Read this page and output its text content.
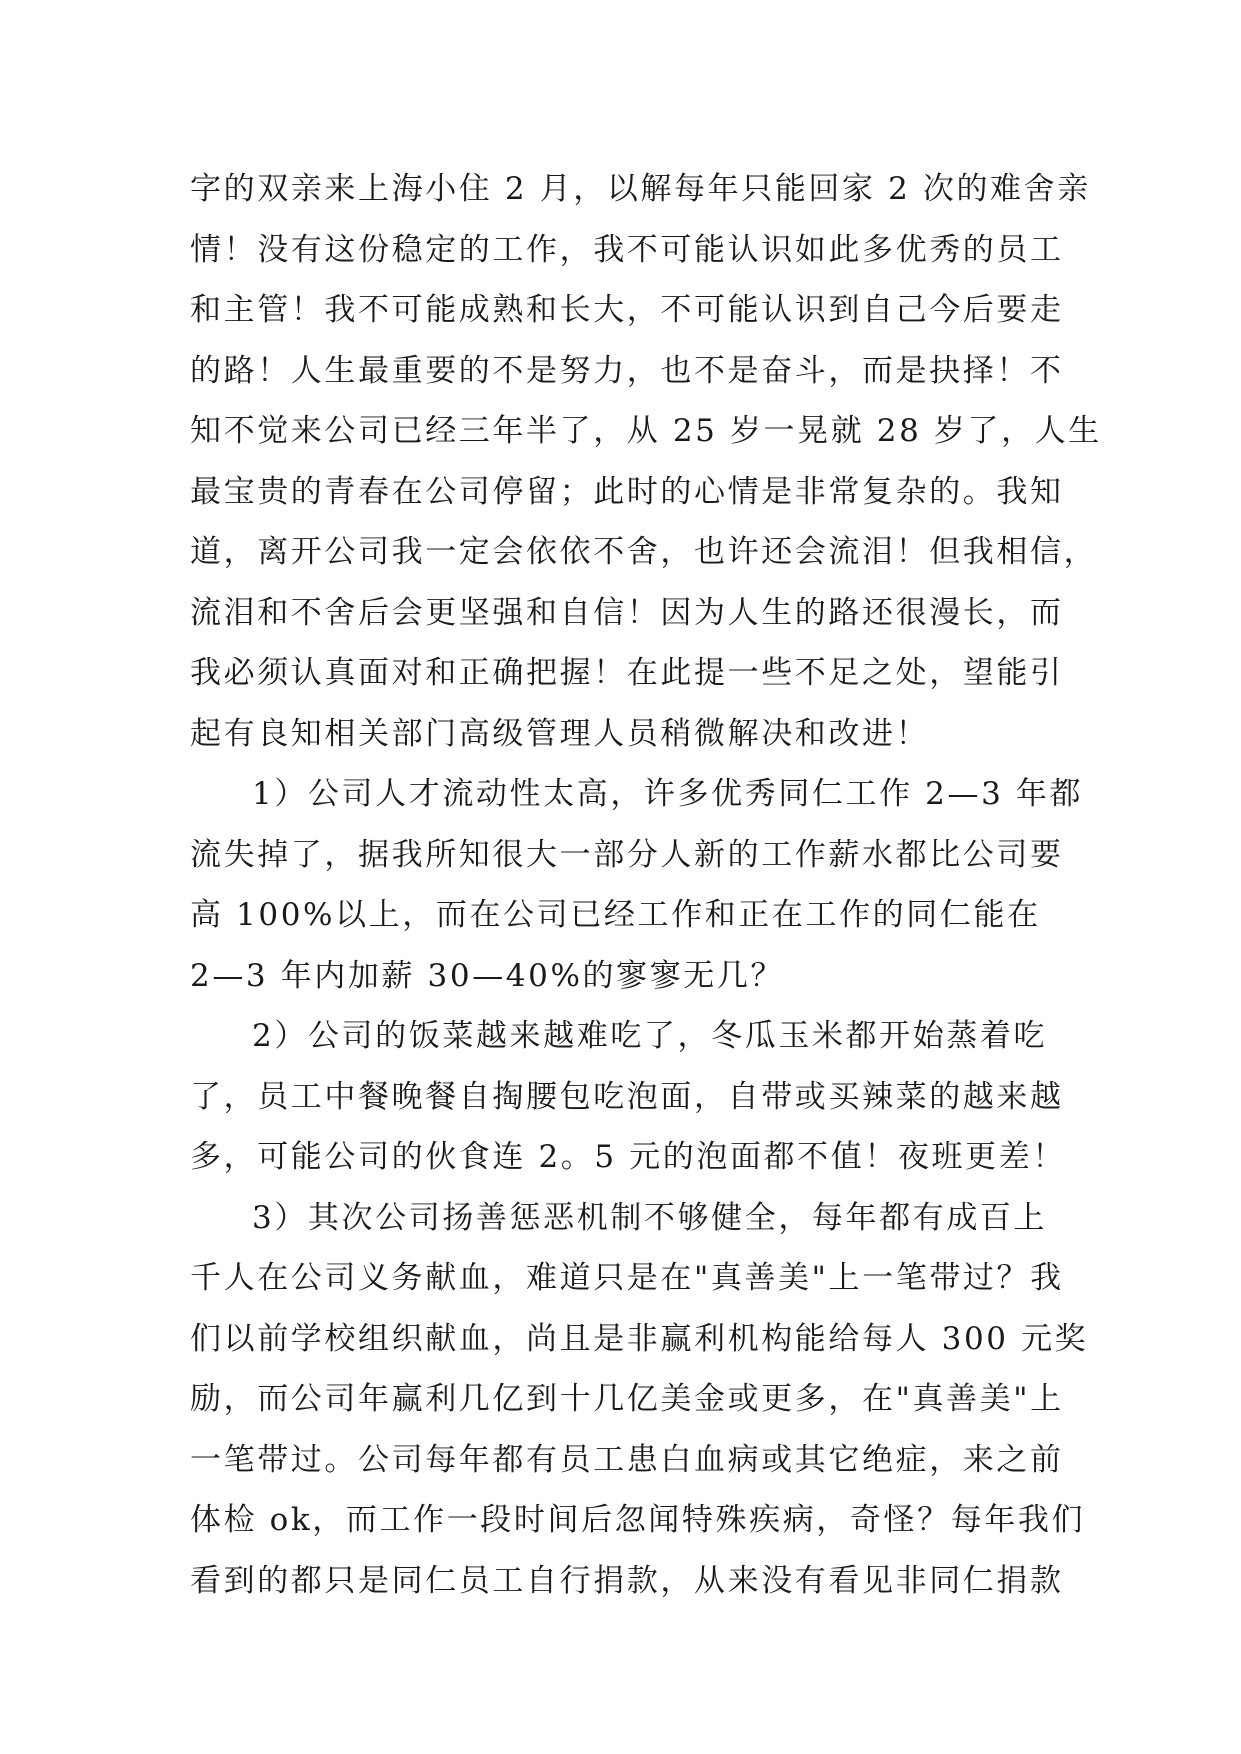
字的双亲来上海小住 2 月，以解每年只能回家 2 次的难舍亲
情！没有这份稳定的工作，我不可能认识如此多优秀的员工
和主管！我不可能成熟和长大，不可能认识到自己今后要走
的路！人生最重要的不是努力，也不是奋斗，而是抉择！不
知不觉来公司已经三年半了，从 25 岁一晃就 28 岁了，人生
最宝贵的青春在公司停留；此时的心情是非常复杂的。我知
道，离开公司我一定会依依不舍，也许还会流泪！但我相信，
流泪和不舍后会更坚强和自信！因为人生的路还很漫长，而
我必须认真面对和正确把握！在此提一些不足之处，望能引
起有良知相关部门高级管理人员稍微解决和改进！
1）公司人才流动性太高，许多优秀同仁工作 2—3 年都
流失掉了，据我所知很大一部分人新的工作薪水都比公司要
高 100%以上，而在公司已经工作和正在工作的同仁能在
2—3 年内加薪 30—40%的寥寥无几？
2）公司的饭菜越来越难吃了，冬瓜玉米都开始蒸着吃
了，员工中餐晚餐自掏腰包吃泡面，自带或买辣菜的越来越
多，可能公司的伙食连 2。5 元的泡面都不值！夜班更差！
3）其次公司扬善惩恶机制不够健全，每年都有成百上
千人在公司义务献血，难道只是在"真善美"上一笔带过？我
们以前学校组织献血，尚且是非赢利机构能给每人 300 元奖
励，而公司年赢利几亿到十几亿美金或更多，在"真善美"上
一笔带过。公司每年都有员工患白血病或其它绝症，来之前
体检 ok，而工作一段时间后忽闻特殊疾病，奇怪？每年我们
看到的都只是同仁员工自行捐款，从来没有看见非同仁捐款
